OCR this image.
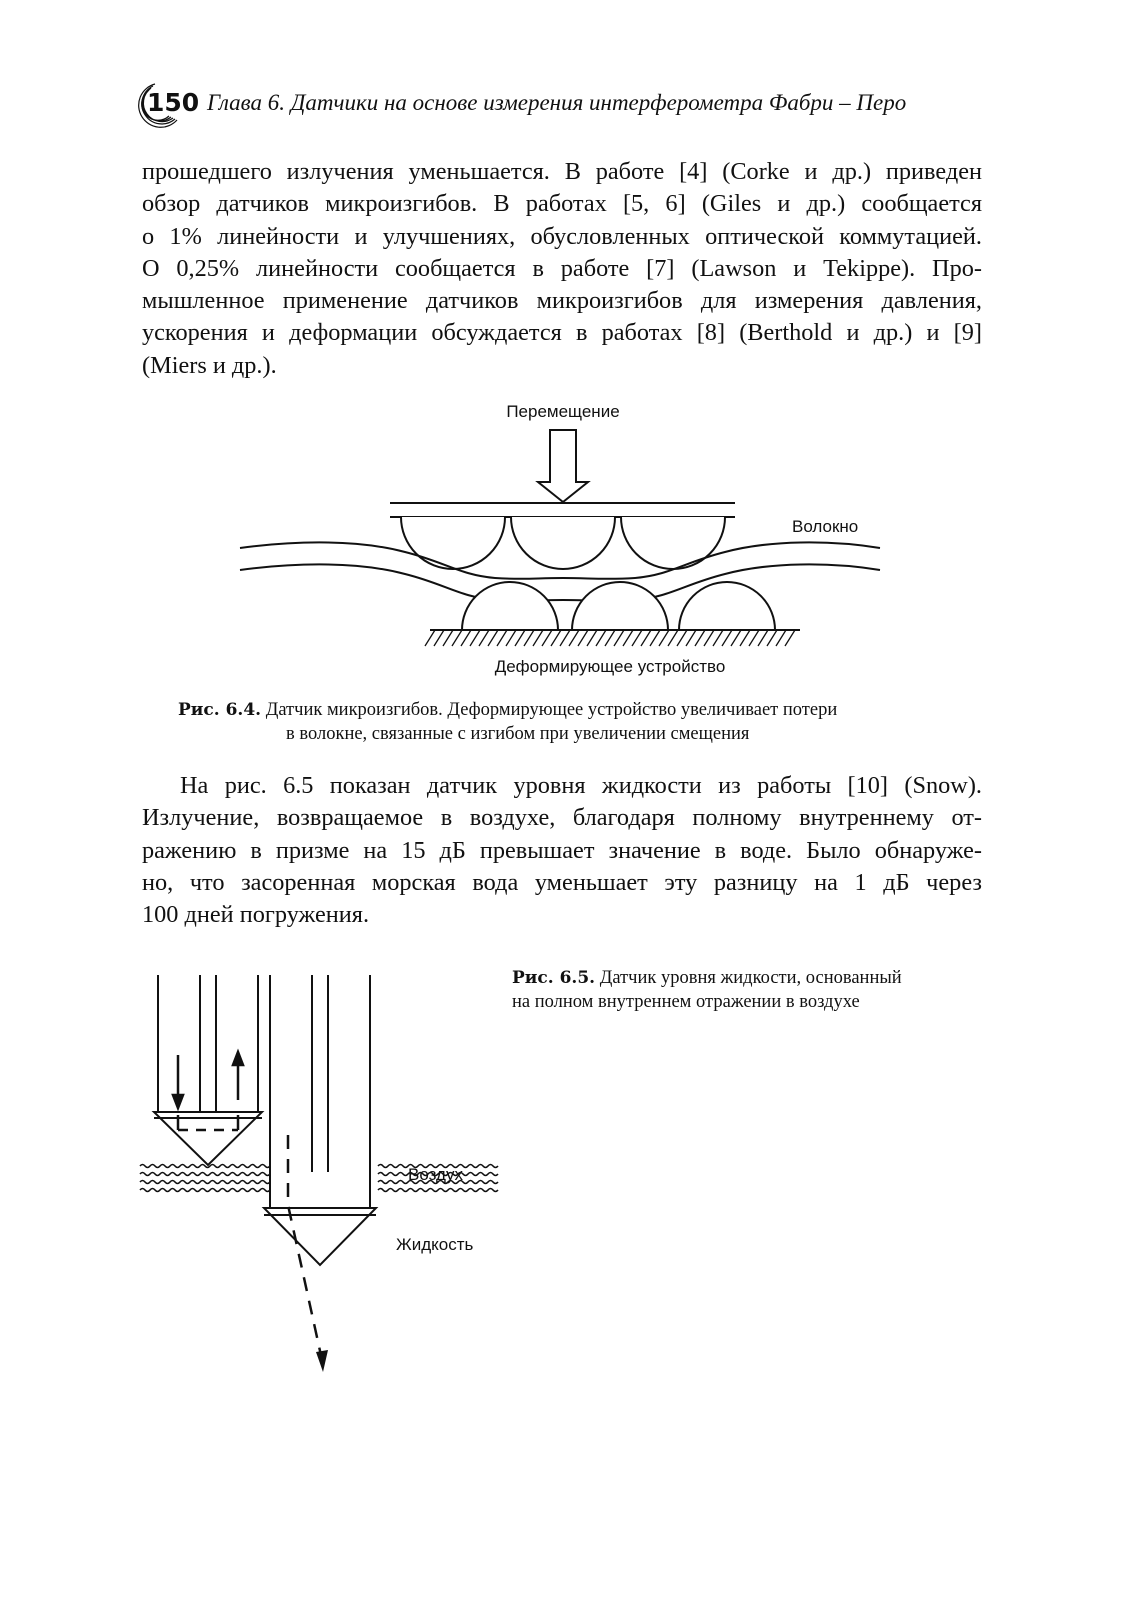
150 Глава 6. Датчики на основе измерения интерферометра Фабри – Перо
прошедшего излучения уменьшается. В работе [4] (Corke и др.) приведен
обзор датчиков микроизгибов. В работах [5, 6] (Giles и др.) сообщается
о 1% линейности и улучшениях, обусловленных оптической коммутацией.
О 0,25% линейности сообщается в работе [7] (Lawson и Tekippe). Про-
мышленное применение датчиков микроизгибов для измерения давления,
ускорения и деформации обсуждается в работах [8] (Berthold и др.) и [9]
(Miers и др.).
Перемещение
Волокно
Деформирующее устройство
Рис. 6.4. Датчик микроизгибов. Деформирующее устройство увеличивает потери
в волокне, связанные с изгибом при увеличении смещения
На рис. 6.5 показан датчик уровня жидкости из работы [10] (Snow).
Излучение, возвращаемое в воздухе, благодаря полному внутреннему от-
ражению в призме на 15 дБ превышает значение в воде. Было обнаруже-
но, что засоренная морская вода уменьшает эту разницу на 1 дБ через
100 дней погружения.
Воздух
Жидкость
Рис. 6.5. Датчик уровня жидкости, основанный
на полном внутреннем отражении в воздухе
